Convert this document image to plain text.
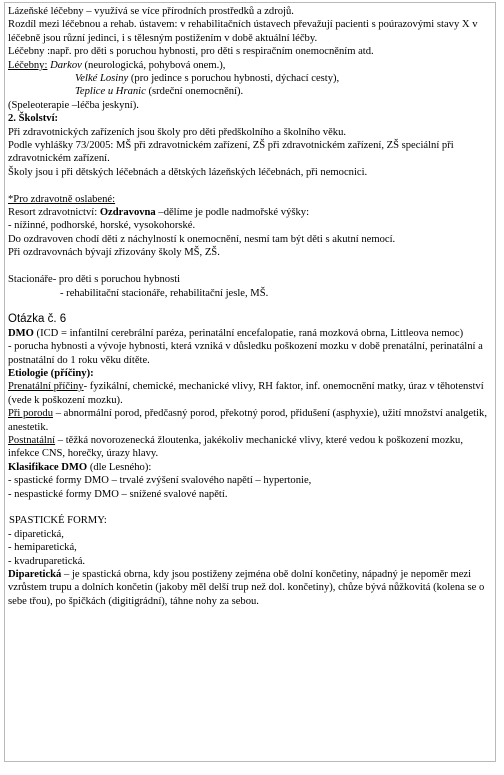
Lázeňské léčebny – využívá se více přírodních prostředků a zdrojů.

Rozdíl mezi léčebnou a rehab. ústavem: v rehabilitačních ústavech převažují pacienti s poúrazovými stavy X v léčebně jsou různí jedinci, i s tělesným postižením v době aktuální léčby.

Léčebny :např. pro děti s poruchou hybnosti, pro děti s respiračním onemocněním atd.

Léčebny: Darkov (neurologická, pohybová onem.),

Velké Losiny (pro jedince s poruchou hybnosti, dýchací cesty),

Teplice u Hranic (srdeční onemocnění).

(Speleoterapie –léčba jeskyní).

2. Školství:

Při zdravotnických zařízeních jsou školy pro děti předškolního a školního věku.

Podle vyhlášky 73/2005: MŠ při zdravotnickém zařízení, ZŠ při zdravotnickém zařízení, ZŠ speciální při zdravotnickém zařízení.

Školy jsou i při dětských léčebnách a dětských lázeňských léčebnách, při nemocnici.

*Pro zdravotně oslabené:

Resort zdravotnictví: Ozdravovna –dělíme je podle nadmořské výšky:

- nížinné, podhorské, horské, vysokohorské.

Do ozdravoven chodí děti z náchylností k onemocnění, nesmí tam být děti s akutní nemocí.

Při ozdravovnách bývají zřizovány školy MŠ, ZŠ.

Stacionáře- pro děti s poruchou hybnosti

- rehabilitační stacionáře, rehabilitační jesle, MŠ.

Otázka č. 6

DMO (ICD = infantilní cerebrální paréza, perinatální encefalopatie, raná mozková obrna, Littleova nemoc)

- porucha hybnosti a vývoje hybnosti, která vzniká v důsledku poškození mozku v době prenatální, perinatální a postnatální do 1 roku věku dítěte.

Etiologie (příčiny):

Prenatální příčiny- fyzikální, chemické, mechanické vlivy, RH faktor, inf. onemocnění matky, úraz v těhotenství (vede k poškození mozku).

Při porodu – abnormální porod, předčasný porod, překotný porod, přidušení (asphyxie), užití množství analgetik, anestetik.

Postnatální – těžká novorozenecká žloutenka, jakékoliv mechanické vlivy, které vedou k poškození mozku, infekce CNS, horečky, úrazy hlavy.

Klasifikace DMO (dle Lesného):

- spastické formy DMO – trvalé zvýšení svalového napětí – hypertonie,

- nespastické formy DMO – snížené svalové napětí.

SPASTICKÉ FORMY:

- diparetická,

- hemiparetická,

- kvadruparetická.

Diparetická – je spastická obrna, kdy jsou postiženy zejména obě dolní končetiny, nápadný je nepoměr mezi vzrůstem trupu a dolních končetin (jakoby měl delší trup než dol. končetiny), chůze bývá nůžkovitá (kolena se o sebe třou), po špičkách (digitigrádní), táhne nohy za sebou.
